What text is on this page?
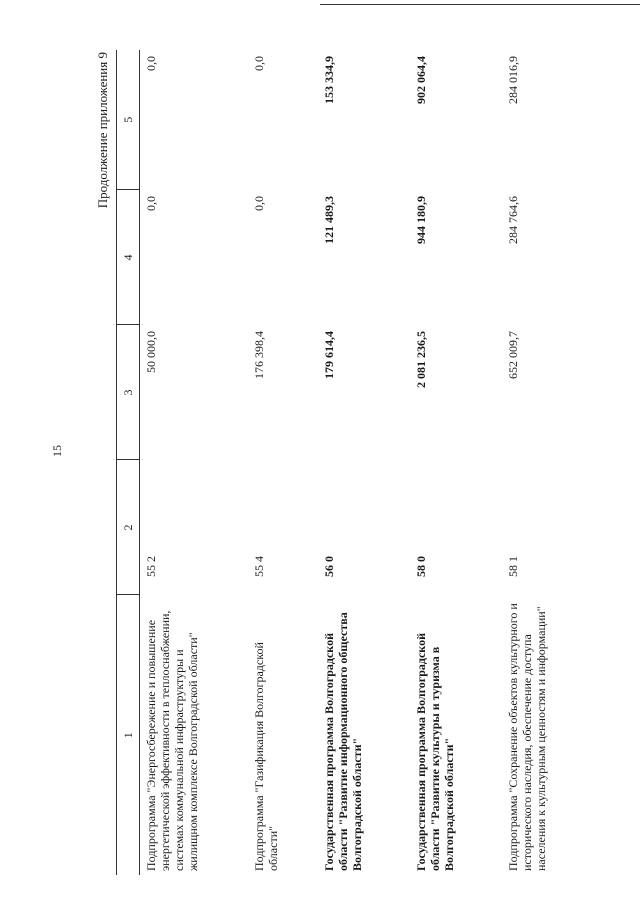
15
Продолжение приложения 9
1	2	3	4	5
Подпрограмма "Энергосбережение и повышение энергетической эффективности в теплоснабжении, системах коммунальной инфраструктуры и жилищном комплексе Волгоградской области"	55 2	50 000,0	0,0	0,0
Подпрограмма "Газификация Волгоградской области"	55 4	176 398,4	0,0	0,0
Государственная программа Волгоградской области "Развитие информационного общества Волгоградской области"	56 0	179 614,4	121 489,3	153 334,9
Государственная программа Волгоградской области "Развитие культуры и туризма в Волгоградской области"	58 0	2 081 236,5	944 180,9	902 064,4
Подпрограмма "Сохранение объектов культурного и исторического наследия, обеспечение доступа населения к культурным ценностям и информации"	58 1	652 009,7	284 764,6	284 016,9
